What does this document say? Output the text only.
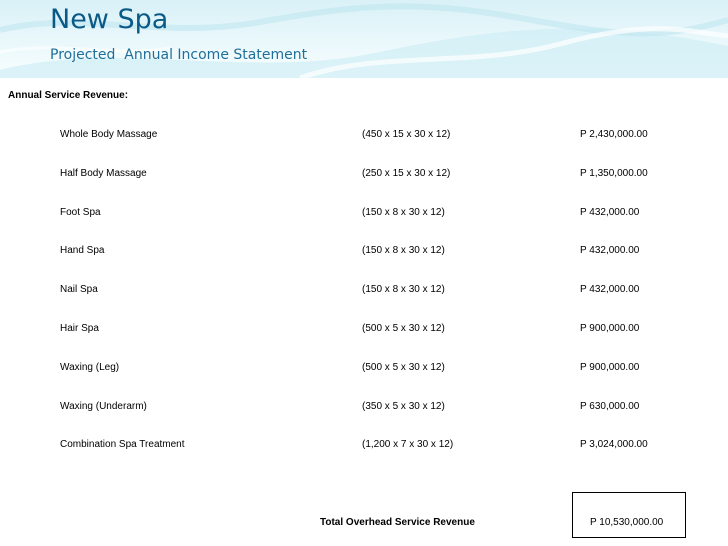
New Spa
Projected  Annual Income Statement
Annual Service Revenue:
Whole Body Massage	(450 x 15 x 30 x 12)	P 2,430,000.00
Half Body Massage	(250 x 15 x 30 x 12)	P 1,350,000.00
Foot Spa	(150 x 8 x 30 x 12)	P 432,000.00
Hand Spa	(150 x 8 x 30 x 12)	P 432,000.00
Nail Spa	(150 x 8 x 30 x 12)	P 432,000.00
Hair Spa	(500 x 5 x 30 x 12)	P 900,000.00
Waxing (Leg)	(500 x 5 x 30 x 12)	P 900,000.00
Waxing (Underarm)	(350 x 5 x 30 x 12)	P 630,000.00
Combination Spa Treatment	(1,200 x 7 x 30 x 12)	P 3,024,000.00
Total Overhead Service Revenue	P 10,530,000.00
